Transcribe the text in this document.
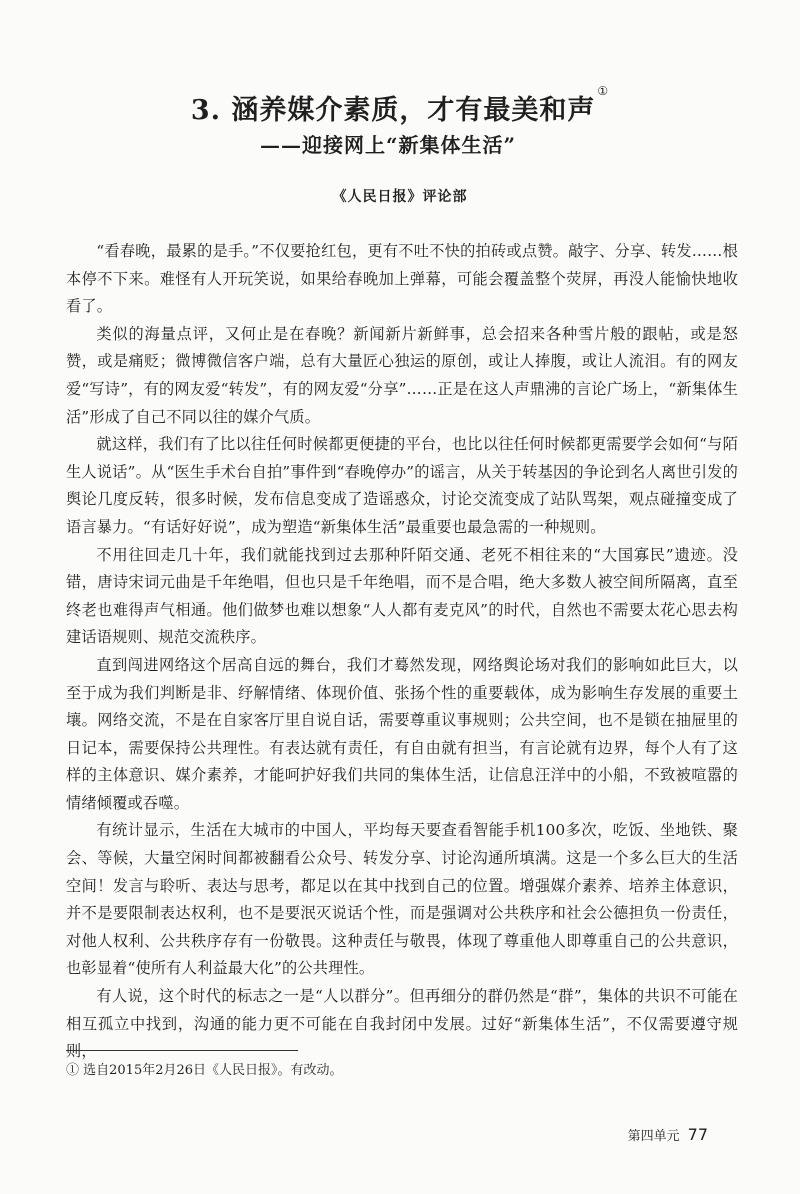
3. 涵养媒介素质，才有最美和声①
——迎接网上“新集体生活”
《人民日报》评论部

“看春晚，最累的是手。”不仅要抢红包，更有不吐不快的拍砖或点赞。敲字、分享、转发……根本停不下来。难怪有人开玩笑说，如果给春晚加上弹幕，可能会覆盖整个荧屏，再没人能愉快地收看了。

类似的海量点评，又何止是在春晚？新闻新片新鲜事，总会招来各种雪片般的跟帖，或是怒赞，或是痛贬；微博微信客户端，总有大量匠心独运的原创，或让人捧腹，或让人流泪。有的网友爱“写诗”，有的网友爱“转发”，有的网友爱“分享”……正是在这人声鼎沸的言论广场上，“新集体生活”形成了自己不同以往的媒介气质。

就这样，我们有了比以往任何时候都更便捷的平台，也比以往任何时候都更需要学会如何“与陌生人说话”。从“医生手术台自拍”事件到“春晚停办”的谣言，从关于转基因的争论到名人离世引发的舆论几度反转，很多时候，发布信息变成了造谣惑众，讨论交流变成了站队骂架，观点碰撞变成了语言暴力。“有话好好说”，成为塑造“新集体生活”最重要也最急需的一种规则。

不用往回走几十年，我们就能找到过去那种阡陌交通、老死不相往来的“大国寡民”遗迹。没错，唐诗宋词元曲是千年绝唱，但也只是千年绝唱，而不是合唱，绝大多数人被空间所隔离，直至终老也难得声气相通。他们做梦也难以想象“人人都有麦克风”的时代，自然也不需要太花心思去构建话语规则、规范交流秩序。

直到闯进网络这个居高自远的舞台，我们才蓦然发现，网络舆论场对我们的影响如此巨大，以至于成为我们判断是非、纾解情绪、体现价值、张扬个性的重要载体，成为影响生存发展的重要土壤。网络交流，不是在自家客厅里自说自话，需要尊重议事规则；公共空间，也不是锁在抽屉里的日记本，需要保持公共理性。有表达就有责任，有自由就有担当，有言论就有边界，每个人有了这样的主体意识、媒介素养，才能呵护好我们共同的集体生活，让信息汪洋中的小船，不致被喧嚣的情绪倾覆或吞噬。

有统计显示，生活在大城市的中国人，平均每天要查看智能手机100多次，吃饭、坐地铁、聚会、等候，大量空闲时间都被翻看公众号、转发分享、讨论沟通所填满。这是一个多么巨大的生活空间！发言与聆听、表达与思考，都足以在其中找到自己的位置。增强媒介素养、培养主体意识，并不是要限制表达权利，也不是要泯灭说话个性，而是强调对公共秩序和社会公德担负一份责任，对他人权利、公共秩序存有一份敬畏。这种责任与敬畏，体现了尊重他人即尊重自己的公共意识，也彰显着“使所有人利益最大化”的公共理性。

有人说，这个时代的标志之一是“人以群分”。但再细分的群仍然是“群”，集体的共识不可能在相互孤立中找到，沟通的能力更不可能在自我封闭中发展。过好“新集体生活”，不仅需要遵守规则，

① 选自2015年2月26日《人民日报》。有改动。
第四单元 77
